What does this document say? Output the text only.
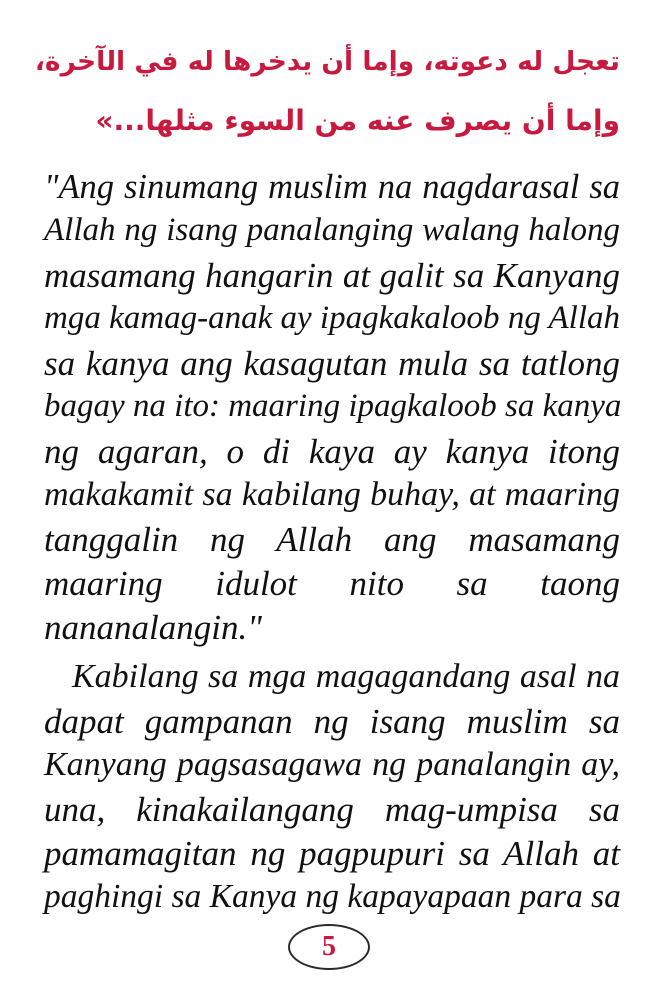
تعجل له دعوته، وإما أن يدخرها له في الآخرة،
وإما أن يصرف عنه من السوء مثلها...»
"Ang sinumang muslim na nagdarasal sa
Allah ng isang panalanging walang halong
masamang hangarin at galit sa Kanyang
mga kamag-anak ay ipagkakaloob ng Allah
sa kanya ang kasagutan mula sa tatlong
bagay na ito: maaring ipagkaloob sa kanya
ng agaran, o di kaya ay kanya itong
makakamit sa kabilang buhay, at maaring
tanggalin ng Allah ang masamang
maaring idulot nito sa taong
nananalangin."
Kabilang sa mga magagandang asal na
dapat gampanan ng isang muslim sa
Kanyang pagsasagawa ng panalangin ay,
una, kinakailangang mag-umpisa sa
pamamagitan ng pagpupuri sa Allah at
paghingi sa Kanya ng kapayapaan para sa
5
